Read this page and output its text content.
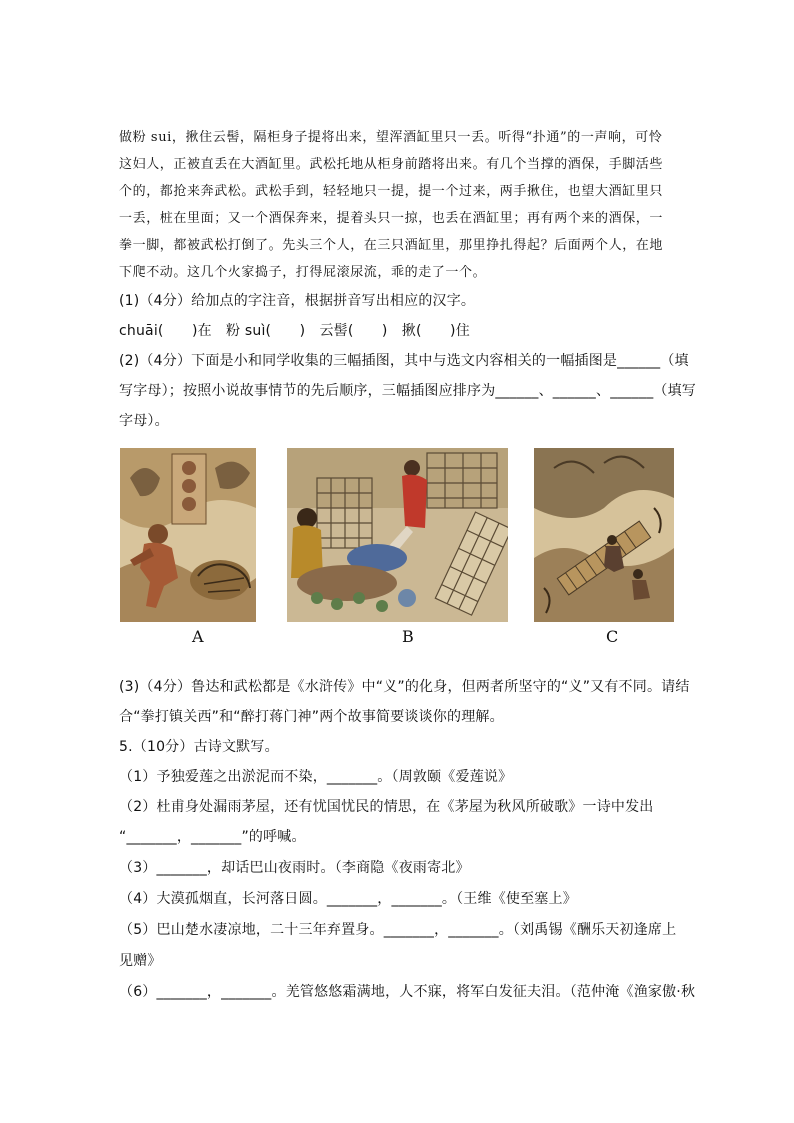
做粉 sui，揪住云髻，隔柜身子提将出来，望浑酒缸里只一丢。听得“扑通”的一声响，可怜
这妇人，正被直丢在大酒缸里。武松托地从柜身前踏将出来。有几个当撑的酒保，手脚活些
个的，都抢来奔武松。武松手到，轻轻地只一提，提一个过来，两手揪住，也望大酒缸里只
一丢，桩在里面；又一个酒保奔来，提着头只一掠，也丢在酒缸里；再有两个来的酒保，一
拳一脚，都被武松打倒了。先头三个人，在三只酒缸里，那里挣扎得起？后面两个人，在地
下爬不动。这几个火家捣子，打得屁滚尿流，乖的走了一个。
(1)（4分）给加点的字注音，根据拼音写出相应的汉字。
chuāi(　　)在　粉 suì(　　)　云髻(　　)　揪(　　)住
(2)（4分）下面是小和同学收集的三幅插图，其中与选文内容相关的一幅插图是______（填
写字母）；按照小说故事情节的先后顺序，三幅插图应排序为______、______、______（填写
字母）。
A	B	C
(3)（4分）鲁达和武松都是《水浒传》中“义”的化身，但两者所坚守的“义”又有不同。请结
合“拳打镇关西”和“醉打蒋门神”两个故事简要谈谈你的理解。
5.（10分）古诗文默写。
（1）予独爱莲之出淤泥而不染，_______。（周敦颐《爱莲说》
（2）杜甫身处漏雨茅屋，还有忧国忧民的情思，在《茅屋为秋风所破歌》一诗中发出
“_______，_______”的呼喊。
（3）_______，却话巴山夜雨时。（李商隐《夜雨寄北》
（4）大漠孤烟直，长河落日圆。_______，_______。（王维《使至塞上》
（5）巴山楚水凄凉地，二十三年弃置身。_______，_______。（刘禹锡《酬乐天初逢席上
见赠》
（6）_______，_______。羌管悠悠霜满地，人不寐，将军白发征夫泪。（范仲淹《渔家傲·秋
